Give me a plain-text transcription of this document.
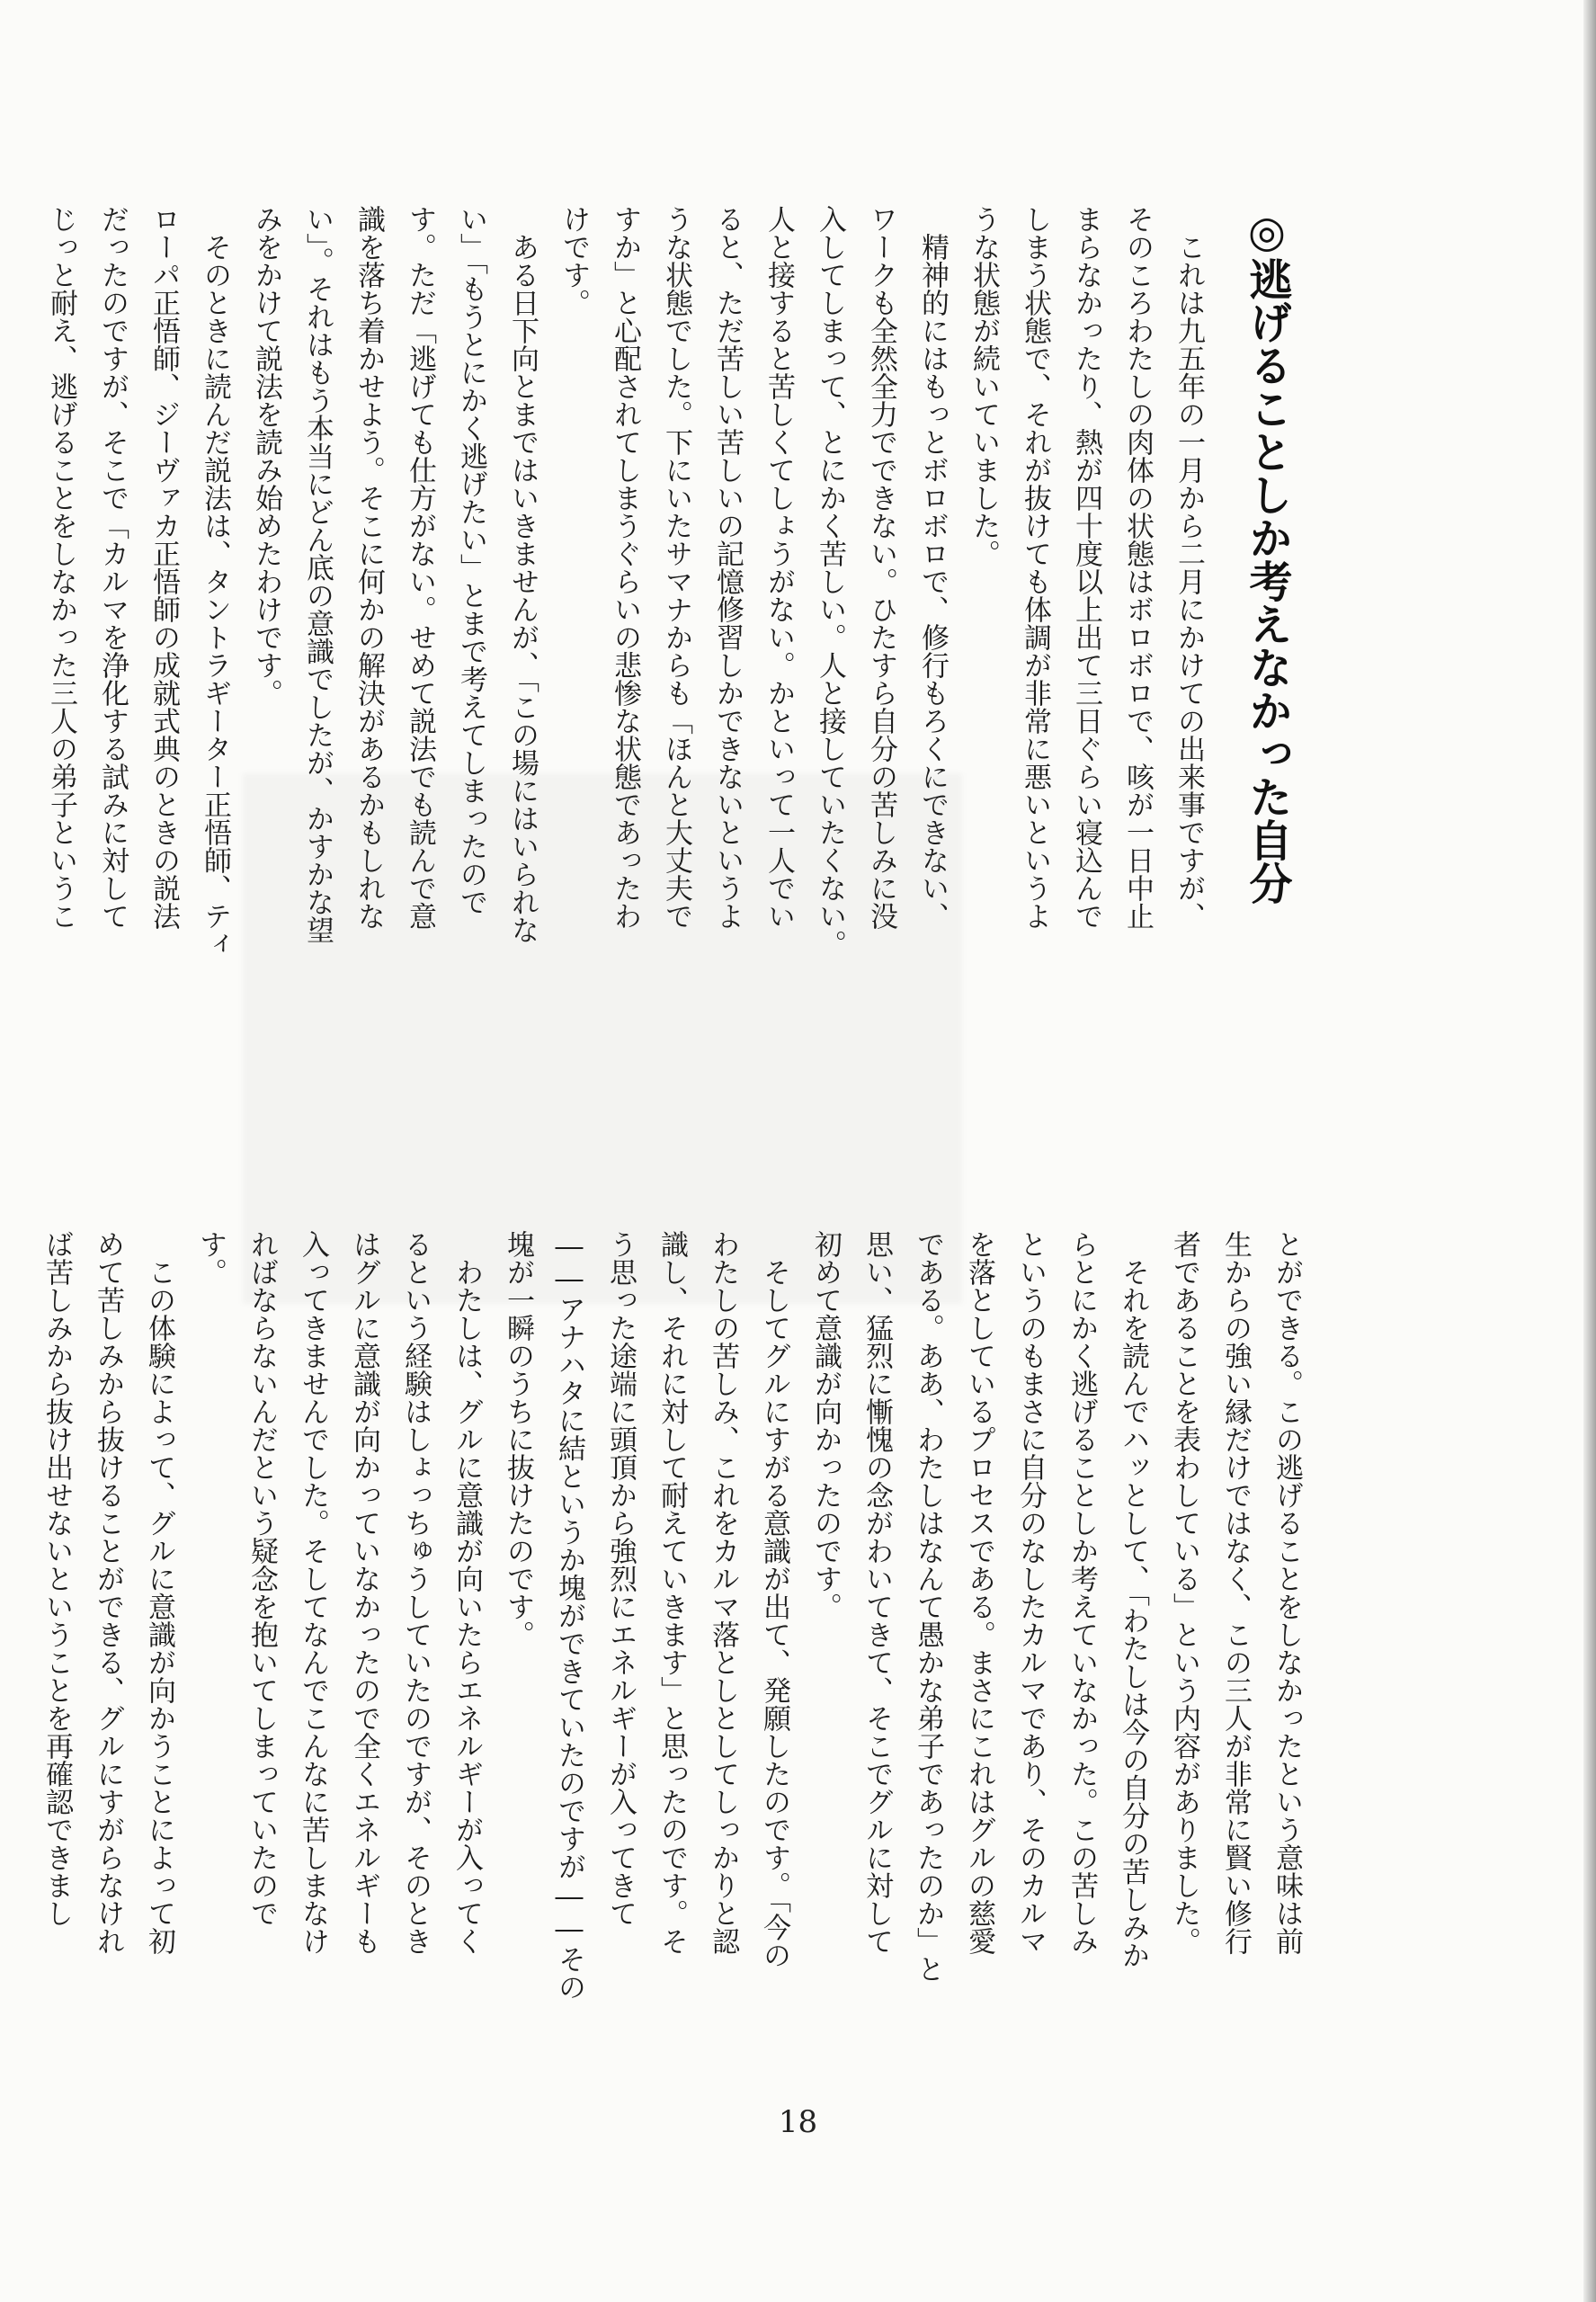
◎逃げることしか考えなかった自分

　これは九五年の一月から二月にかけての出来事ですが、

そのころわたしの肉体の状態はボロボロで、咳が一日中止

まらなかったり、熱が四十度以上出て三日ぐらい寝込んで

しまう状態で、それが抜けても体調が非常に悪いというよ

うな状態が続いていました。

　精神的にはもっとボロボロで、修行もろくにできない、

ワークも全然全力でできない。ひたすら自分の苦しみに没

入してしまって、とにかく苦しい。人と接していたくない。

人と接すると苦しくてしょうがない。かといって一人でい

ると、ただ苦しい苦しいの記憶修習しかできないというよ

うな状態でした。下にいたサマナからも「ほんと大丈夫で

すか」と心配されてしまうぐらいの悲惨な状態であったわ

けです。

　ある日下向とまではいきませんが、「この場にはいられな

い」「もうとにかく逃げたい」とまで考えてしまったので

す。ただ「逃げても仕方がない。せめて説法でも読んで意

識を落ち着かせよう。そこに何かの解決があるかもしれな

い」。それはもう本当にどん底の意識でしたが、かすかな望

みをかけて説法を読み始めたわけです。

　そのときに読んだ説法は、タントラギーター正悟師、ティ

ローパ正悟師、ジーヴァカ正悟師の成就式典のときの説法

だったのですが、そこで「カルマを浄化する試みに対して

じっと耐え、逃げることをしなかった三人の弟子というこ

とができる。この逃げることをしなかったという意味は前

生からの強い縁だけではなく、この三人が非常に賢い修行

者であることを表わしている」という内容がありました。

　それを読んでハッとして、「わたしは今の自分の苦しみか

らとにかく逃げることしか考えていなかった。この苦しみ

というのもまさに自分のなしたカルマであり、そのカルマ

を落としているプロセスである。まさにこれはグルの慈愛

である。ああ、わたしはなんて愚かな弟子であったのか」と

思い、猛烈に慚愧の念がわいてきて、そこでグルに対して

初めて意識が向かったのです。

　そしてグルにすがる意識が出て、発願したのです。「今の

わたしの苦しみ、これをカルマ落としとしてしっかりと認

識し、それに対して耐えていきます」と思ったのです。そ

う思った途端に頭頂から強烈にエネルギーが入ってきて

――アナハタに結というか塊ができていたのですが――その

塊が一瞬のうちに抜けたのです。

　わたしは、グルに意識が向いたらエネルギーが入ってく

るという経験はしょっちゅうしていたのですが、そのとき

はグルに意識が向かっていなかったので全くエネルギーも

入ってきませんでした。そしてなんでこんなに苦しまなけ

ればならないんだという疑念を抱いてしまっていたので

す。

　この体験によって、グルに意識が向かうことによって初

めて苦しみから抜けることができる、グルにすがらなけれ

ば苦しみから抜け出せないということを再確認できまし

18
